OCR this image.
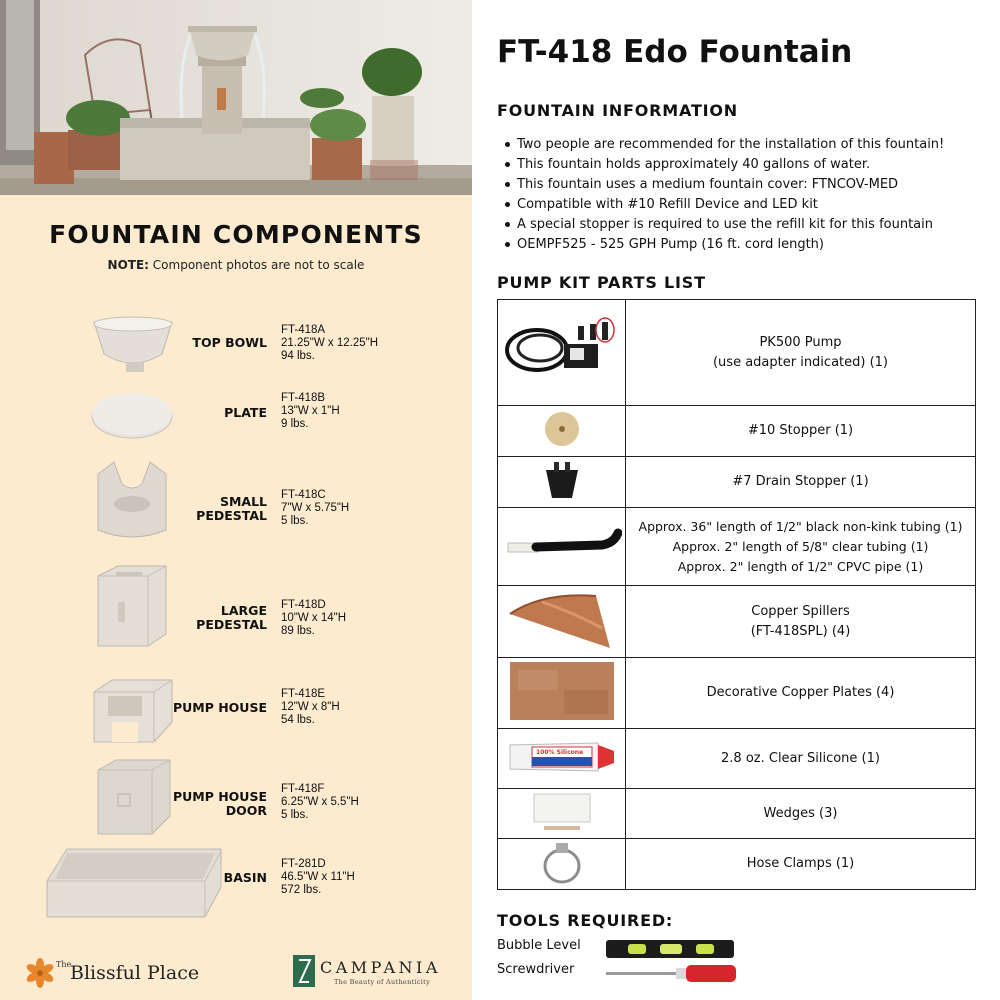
FOUNTAIN COMPONENTS
NOTE: Component photos are not to scale
TOP BOWL
FT-418A
21.25"W x 12.25"H
94 lbs.
PLATE
FT-418B
13"W x 1"H
9 lbs.
SMALL
PEDESTAL
FT-418C
7"W x 5.75"H
5 lbs.
LARGE
PEDESTAL
FT-418D
10"W x 14"H
89 lbs.
PUMP HOUSE
FT-418E
12"W x 8"H
54 lbs.
PUMP HOUSE
DOOR
FT-418F
6.25"W x 5.5"H
5 lbs.
BASIN
FT-281D
46.5"W x 11"H
572 lbs.
The
Blissful Place	CAMPANIA
The Beauty of Authenticity
FT-418 Edo Fountain
FOUNTAIN INFORMATION
Two people are recommended for the installation of this fountain!
This fountain holds approximately 40 gallons of water.
This fountain uses a medium fountain cover: FTNCOV-MED
Compatible with #10 Refill Device and LED kit
A special stopper is required to use the refill kit for this fountain
OEMPF525 - 525 GPH Pump (16 ft. cord length)
PUMP KIT PARTS LIST

PK500 Pump
(use adapter indicated) (1)

#10 Stopper (1)

#7 Drain Stopper (1)

Approx. 36" length of 1/2" black non-kink tubing (1)
Approx. 2" length of 5/8" clear tubing (1)
Approx. 2" length of 1/2" CPVC pipe (1)

Copper Spillers
(FT-418SPL) (4)

Decorative Copper Plates (4)

100% Silicone	2.8 oz. Clear Silicone (1)

Wedges (3)

Hose Clamps (1)
TOOLS REQUIRED:
Bubble Level
Screwdriver
